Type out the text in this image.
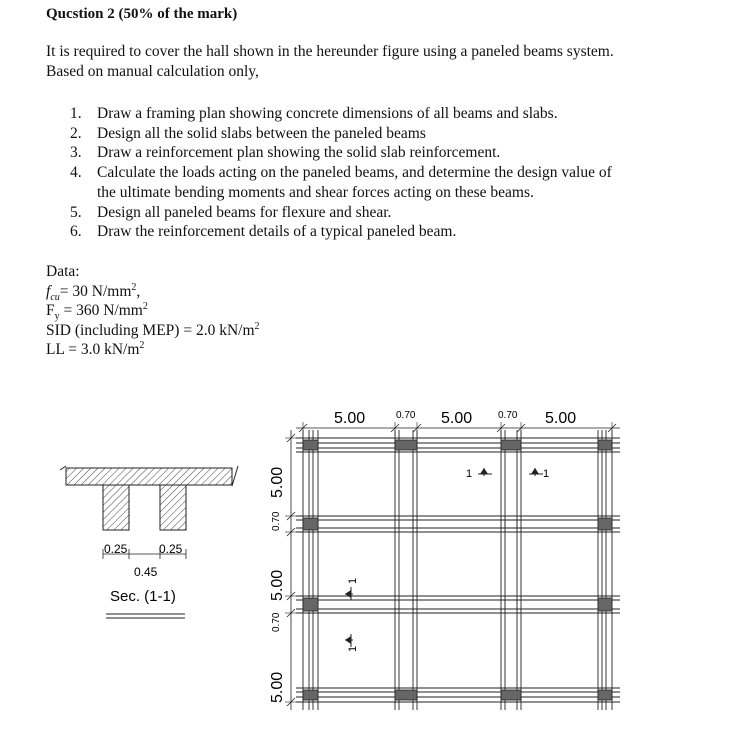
Qucstion 2 (50% of the mark)
It is required to cover the hall shown in the hereunder figure using a paneled beams system.
Based on manual calculation only,
1. Draw a framing plan showing concrete dimensions of all beams and slabs.
2. Design all the solid slabs between the paneled beams
3. Draw a reinforcement plan showing the solid slab reinforcement.
4. Calculate the loads acting on the paneled beams, and determine the design value of
the ultimate bending moments and shear forces acting on these beams.
5. Design all paneled beams for flexure and shear.
6. Draw the reinforcement details of a typical paneled beam.
Data:
$f_{cu}= 30$ $N/mm^2$,
$F_y = 360$ $N/mm^2$
SID (including MEP) = 2.0 $kN/m^2$
LL = 3.0 $kN/m^2$
0.25	0.25
0.45
Sec. (1-1)
5.00	0.70 5.00	0.70 5.00
5.00
0.70
5.00
0.70
5.00
1	1
1
1
